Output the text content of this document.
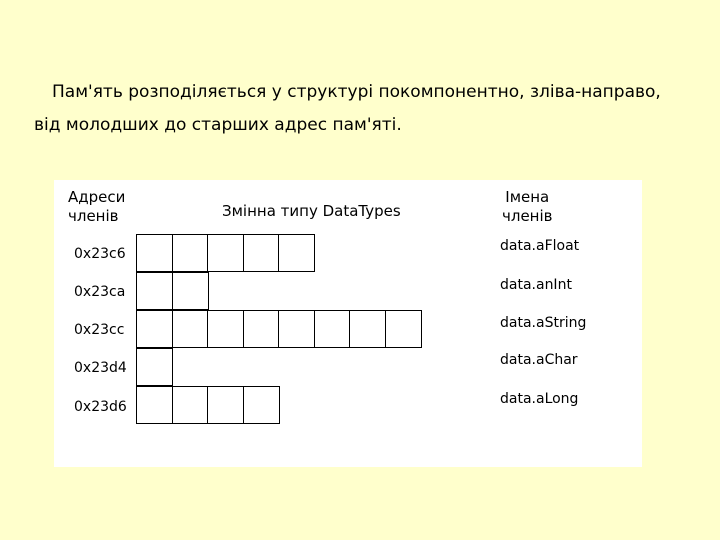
Пам'ять розподіляється у структурі покомпонентно, зліва-направо,
від молодших до старших адрес пам'яті.
Адреси
членів	Змінна типу DataTypes
Імена
членів
0x23c6	data.aFloat
0x23ca	data.anInt
0x23cc	data.aString
0x23d4	data.aChar
0x23d6	data.aLong
